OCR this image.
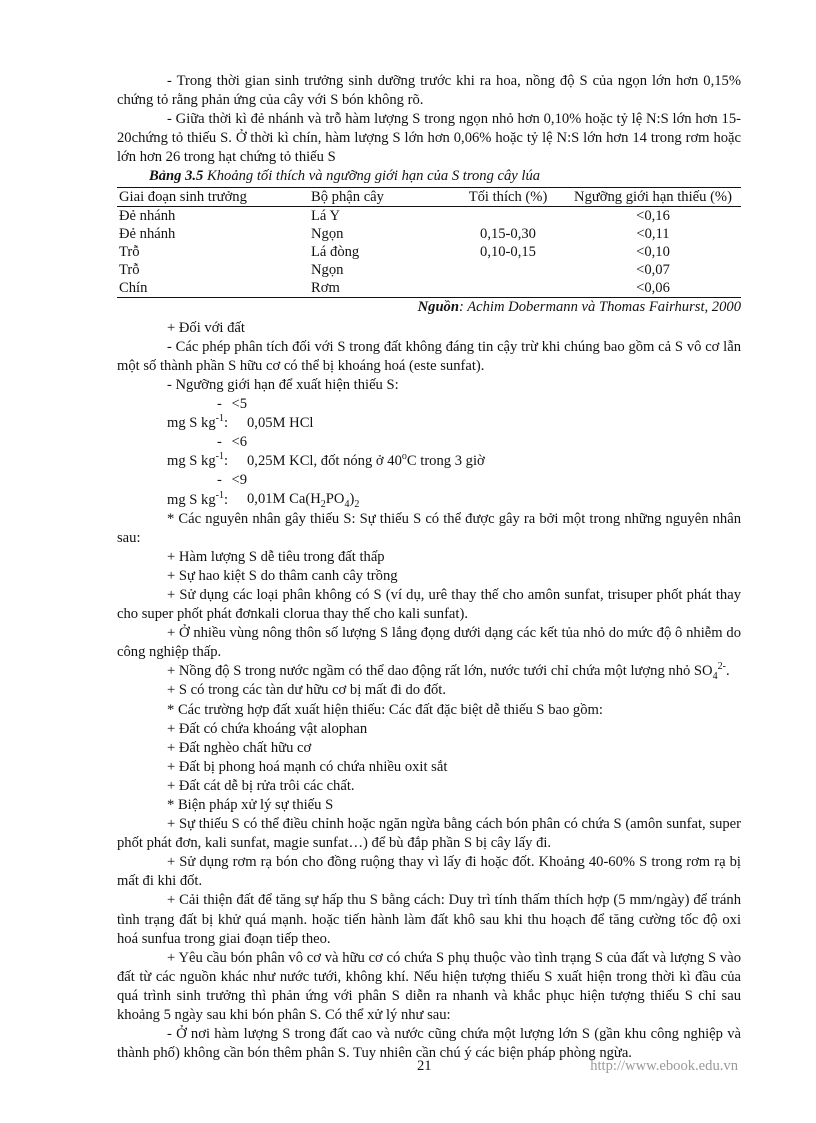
- Trong thời gian sinh trưởng sinh dưỡng trước khi ra hoa, nồng độ S của ngọn lớn hơn 0,15% chứng tỏ rằng phản ứng của cây với S bón không rõ.

- Giữa thời kì đẻ nhánh và trỗ hàm lượng S trong ngọn nhỏ hơn 0,10% hoặc tỷ lệ N:S lớn hơn 15-20chứng tỏ thiếu S. Ở thời kì chín, hàm lượng S lớn hơn 0,06% hoặc tỷ lệ N:S lớn hơn 14 trong rơm hoặc lớn hơn 26 trong hạt chứng tỏ thiếu S

Bảng 3.5 Khoảng tối thích và ngưỡng giới hạn của S trong cây lúa

Giai đoạn sinh trưởng	Bộ phận cây	Tối thích (%)	Ngưỡng giới hạn thiếu (%)
Đẻ nhánh	Lá Y		<0,16
Đẻ nhánh	Ngọn	0,15-0,30	<0,11
Trỗ	Lá đòng	0,10-0,15	<0,10
Trỗ	Ngọn		<0,07
Chín	Rơm		<0,06

Nguồn: Achim Dobermann và Thomas Fairhurst, 2000

+ Đối với đất

- Các phép phân tích đối với S trong đất không đáng tin cậy trừ khi chúng bao gồm cả S vô cơ lẫn một số thành phần S hữu cơ có thể bị khoáng hoá (este sunfat).

- Ngưỡng giới hạn để xuất hiện thiếu S:

- <5 mg S $kg^{-1}$: 0,05M HCl

- <6 mg S $kg^{-1}$: 0,25M KCl, đốt nóng ở 40$^o$C trong 3 giờ

- <9 mg S $kg^{-1}$: 0,01M $Ca(H_2PO_4)_2$

* Các nguyên nhân gây thiếu S: Sự thiếu S có thể được gây ra bởi một trong những nguyên nhân sau:

+ Hàm lượng S dễ tiêu trong đất thấp

+ Sự hao kiệt S do thâm canh cây trồng

+ Sử dụng các loại phân không có S (ví dụ, urê thay thế cho amôn sunfat, trisuper phốt phát thay cho super phốt phát đơnkali clorua thay thế cho kali sunfat).

+ Ở nhiều vùng nông thôn số lượng S lắng đọng dưới dạng các kết tủa nhỏ do mức độ ô nhiễm do công nghiệp thấp.

+ Nồng độ S trong nước ngầm có thể dao động rất lớn, nước tưới chỉ chứa một lượng nhỏ $SO_4^{2-}$.

+ S có trong các tàn dư hữu cơ bị mất đi do đốt.

* Các trường hợp đất xuất hiện thiếu: Các đất đặc biệt dễ thiếu S bao gồm:

+ Đất có chứa khoáng vật alophan

+ Đất nghèo chất hữu cơ

+ Đất bị phong hoá mạnh có chứa nhiều oxit sắt

+ Đất cát dễ bị rửa trôi các chất.

* Biện pháp xử lý sự thiếu S

+ Sự thiếu S có thể điều chỉnh hoặc ngăn ngừa bằng cách bón phân có chứa S (amôn sunfat, super phốt phát đơn, kali sunfat, magie sunfat…) để bù đắp phần S bị cây lấy đi.

+ Sử dụng rơm rạ bón cho đồng ruộng thay vì lấy đi hoặc đốt. Khoảng 40-60% S trong rơm rạ bị mất đi khi đốt.

+ Cải thiện đất để tăng sự hấp thu S bằng cách: Duy trì tính thấm thích hợp (5 mm/ngày) để tránh tình trạng đất bị khử quá mạnh. hoặc tiến hành làm đất khô sau khi thu hoạch để tăng cường tốc độ oxi hoá sunfua trong giai đoạn tiếp theo.

+ Yêu cầu bón phân vô cơ và hữu cơ có chứa S phụ thuộc vào tình trạng S của đất và lượng S vào đất từ các nguồn khác như nước tưới, không khí. Nếu hiện tượng thiếu S xuất hiện trong thời kì đầu của quá trình sinh trưởng thì phản ứng với phân S diễn ra nhanh và khắc phục hiện tượng thiếu S chỉ sau khoảng 5 ngày sau khi bón phân S. Có thể xử lý như sau:

- Ở nơi hàm lượng S trong đất cao và nước cũng chứa một lượng lớn S (gần khu công nghiệp và thành phố) không cần bón thêm phân S. Tuy nhiên cần chú ý các biện pháp phòng ngừa.

21	http://www.ebook.edu.vn
